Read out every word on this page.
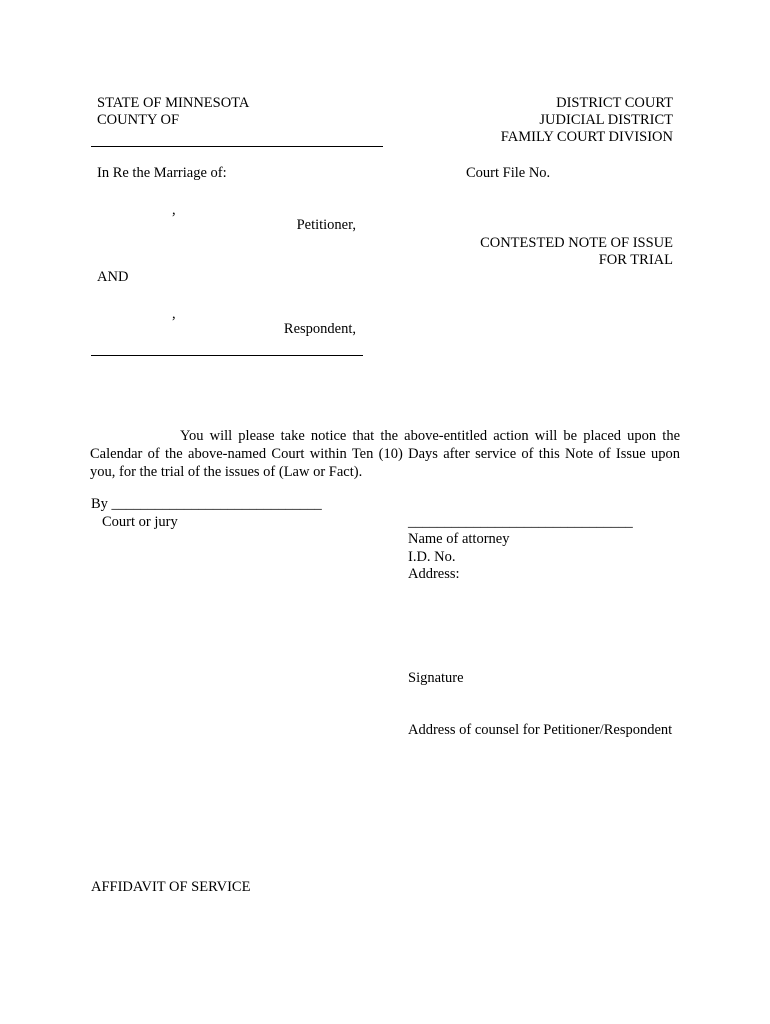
STATE OF MINNESOTA
COUNTY OF
DISTRICT COURT
JUDICIAL DISTRICT
FAMILY COURT DIVISION
In Re the Marriage of:	Court File No.
,
Petitioner,
CONTESTED NOTE OF ISSUE
FOR TRIAL
AND
,
Respondent,
You will please take notice that the above-entitled action will be placed upon the Calendar of the above-named Court within Ten (10) Days after service of this Note of Issue upon you, for the trial of the issues of (Law or Fact).
By _____________________________
Court or jury	_______________________________
Name of attorney
I.D. No.
Address:
Signature
Address of counsel for Petitioner/Respondent
AFFIDAVIT OF SERVICE
